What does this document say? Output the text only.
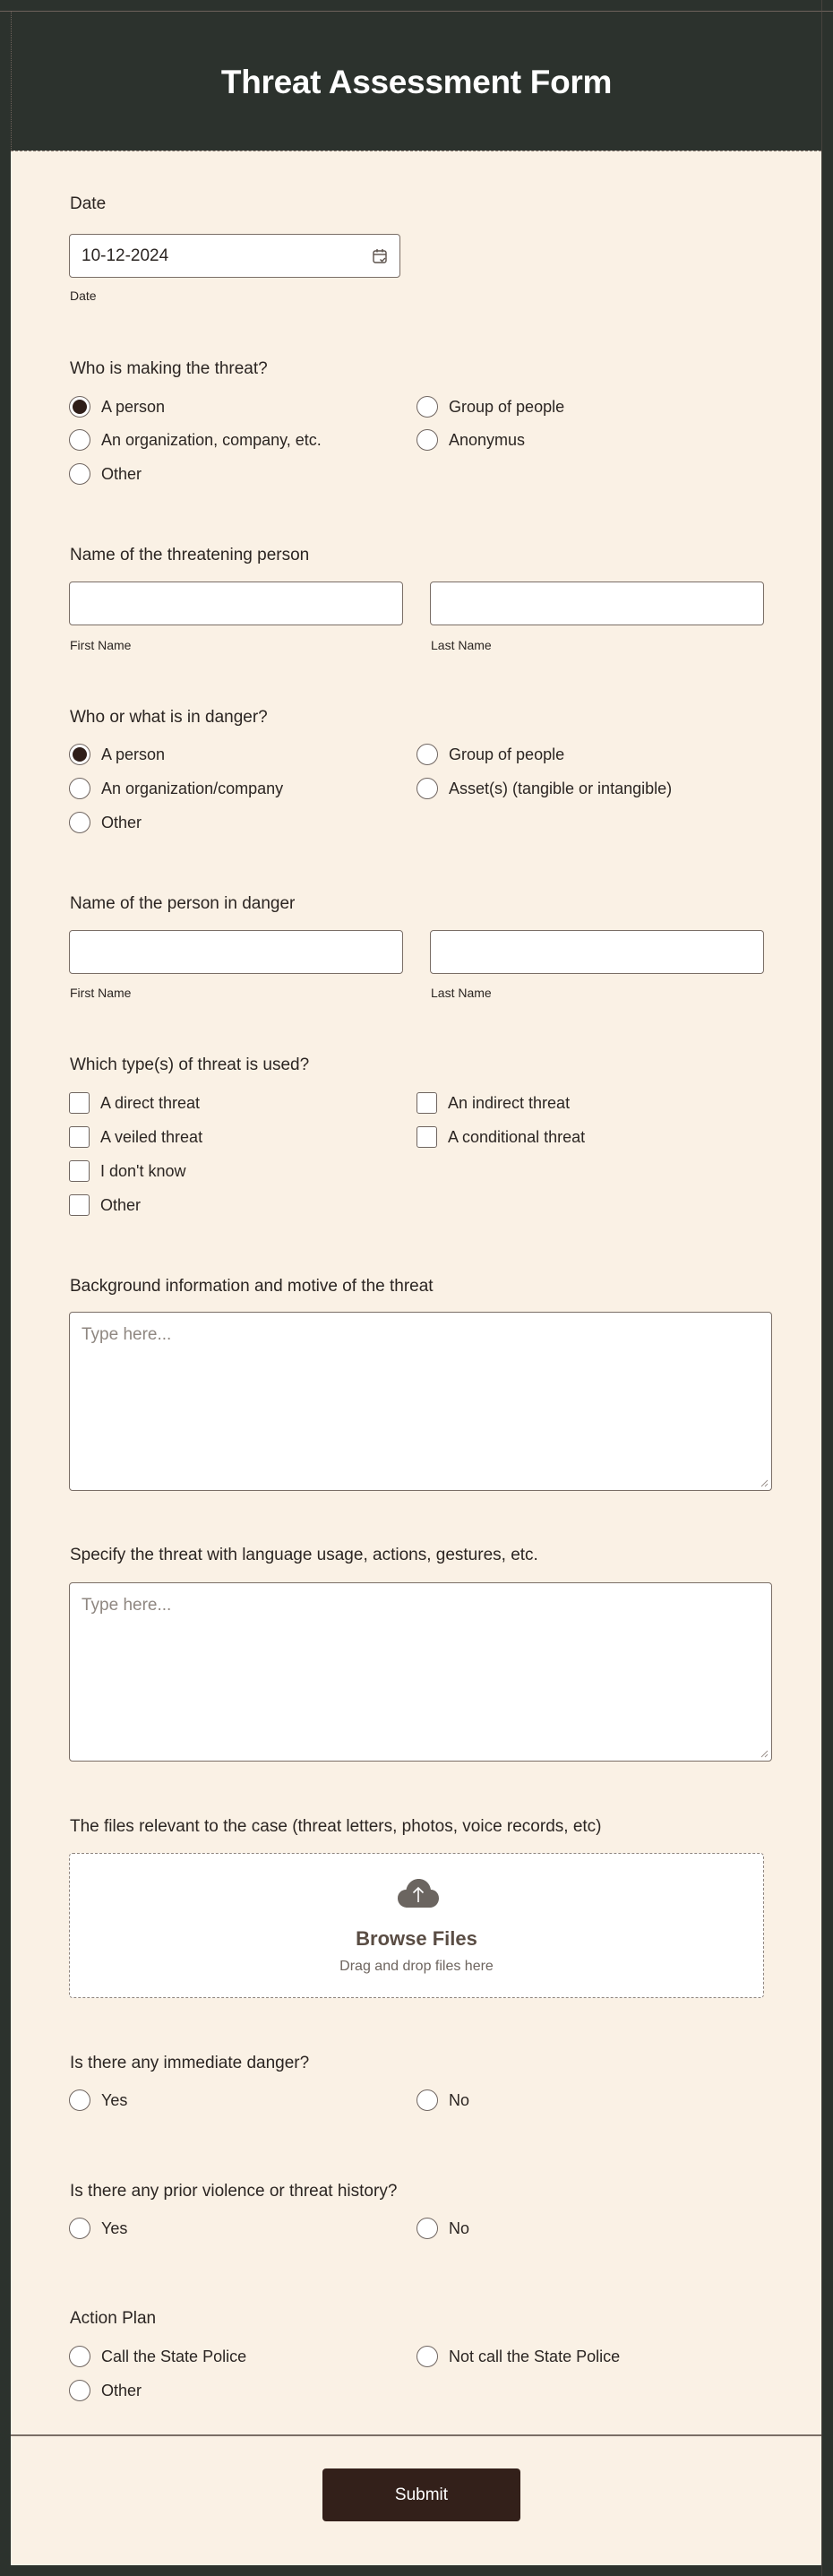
Threat Assessment Form
Date
10-12-2024
Date
Who is making the threat?
A person	Group of people
An organization, company, etc.	Anonymus
Other
Name of the threatening person
First Name	Last Name
Who or what is in danger?
A person	Group of people
An organization/company	Asset(s) (tangible or intangible)
Other
Name of the person in danger
First Name	Last Name
Which type(s) of threat is used?
A direct threat	An indirect threat
A veiled threat	A conditional threat
I don't know
Other
Background information and motive of the threat
Type here...
Specify the threat with language usage, actions, gestures, etc.
Type here...
The files relevant to the case (threat letters, photos, voice records, etc)
Browse Files
Drag and drop files here
Is there any immediate danger?
Yes	No
Is there any prior violence or threat history?
Yes	No
Action Plan
Call the State Police	Not call the State Police
Other
Submit
